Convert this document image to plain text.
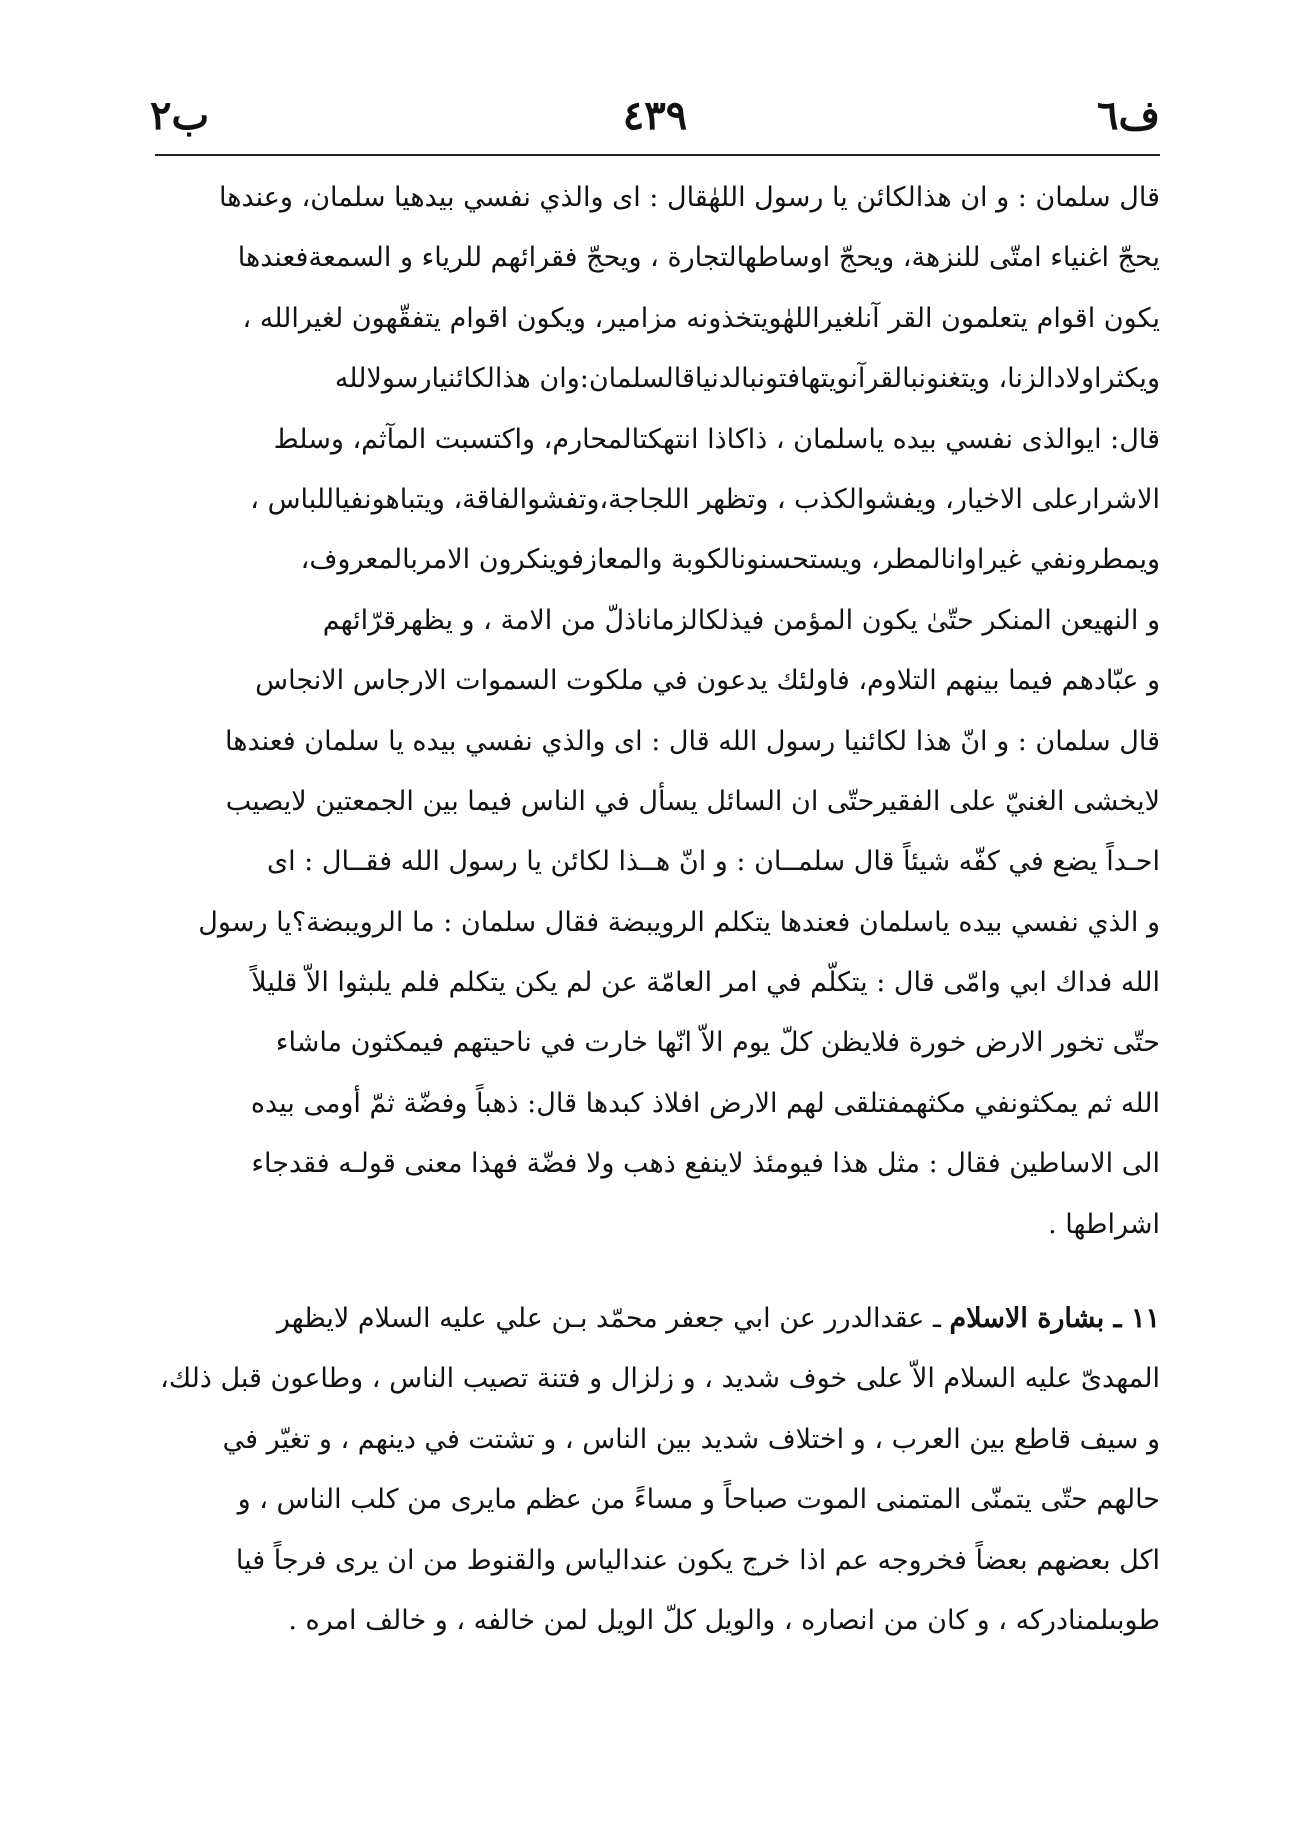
ب٢	٤٣٩	ف٦
قال سلمان : و ان هذالكائن يا رسول اللهٰقال : اى والذي نفسي بيدهيا سلمان، وعندها
يحجّ اغنياء امتّى للنزهة، ويحجّ اوساطهالتجارة ، ويحجّ فقرائهم للرياء و السمعةفعندها
يكون اقوام يتعلمون القر آنلغيراللهٰويتخذونه مزامير، ويكون اقوام يتفقّهون لغيرالله ،
ويكثراولادالزنا، ويتغنونبالقرآنويتهافتونبالدنياقالسلمان:وان هذالكائنيارسولالله
قال: ايوالذى نفسي بيده ياسلمان ، ذاكاذا انتهكتالمحارم، واكتسبت المآثم، وسلط
الاشرارعلى الاخيار، ويفشوالكذب ، وتظهر اللجاجة،وتفشوالفاقة، ويتباهونفياللباس ،
ويمطرونفي غيراوانالمطر، ويستحسنونالكوبة والمعازفوينكرون الامربالمعروف،
و النهيعن المنكر حتّىٰ يكون المؤمن فيذلكالزماناذلّ من الامة ، و يظهرقرّائهم
و عبّادهم فيما بينهم التلاوم، فاولئك يدعون في ملكوت السموات الارجاس الانجاس
قال سلمان : و انّ هذا لكائنيا رسول الله قال : اى والذي نفسي بيده يا سلمان فعندها
لايخشى الغنيّ على الفقيرحتّى ان السائل يسأل في الناس فيما بين الجمعتين لايصيب
احـداً يضع في كفّه شيئاً قال سلمــان : و انّ هــذا لكائن يا رسول الله فقــال : اى
و الذي نفسي بيده ياسلمان فعندها يتكلم الرويبضة فقال سلمان : ما الرويبضة؟يا رسول
الله فداك ابي وامّى قال : يتكلّم في امر العامّة عن لم يكن يتكلم فلم يلبثوا الاّ قليلاً
حتّى تخور الارض خورة فلايظن كلّ يوم الاّ انّها خارت في ناحيتهم فيمكثون ماشاء
الله ثم يمكثونفي مكثهمفتلقى لهم الارض افلاذ كبدها قال: ذهباً وفضّة ثمّ أومى بيده
الى الاساطين فقال : مثل هذا فيومئذ لاينفع ذهب ولا فضّة فهذا معنى قولـه فقدجاء
اشراطها .
١١ ـ بشارة الاسلام ـ عقدالدرر عن ابي جعفر محمّد بـن علي عليه السلام لايظهر
المهدىّ عليه السلام الاّ على خوف شديد ، و زلزال و فتنة تصيب الناس ، وطاعون قبل ذلك،
و سيف قاطع بين العرب ، و اختلاف شديد بين الناس ، و تشتت في دينهم ، و تغيّر في
حالهم حتّى يتمنّى المتمنى الموت صباحاً و مساءً من عظم مايرى من كلب الناس ، و
اكل بعضهم بعضاً فخروجه عم اذا خرج يكون عندالياس والقنوط من ان يرى فرجاً فيا
طوبىلمنادركه ، و كان من انصاره ، والويل كلّ الويل لمن خالفه ، و خالف امره .
